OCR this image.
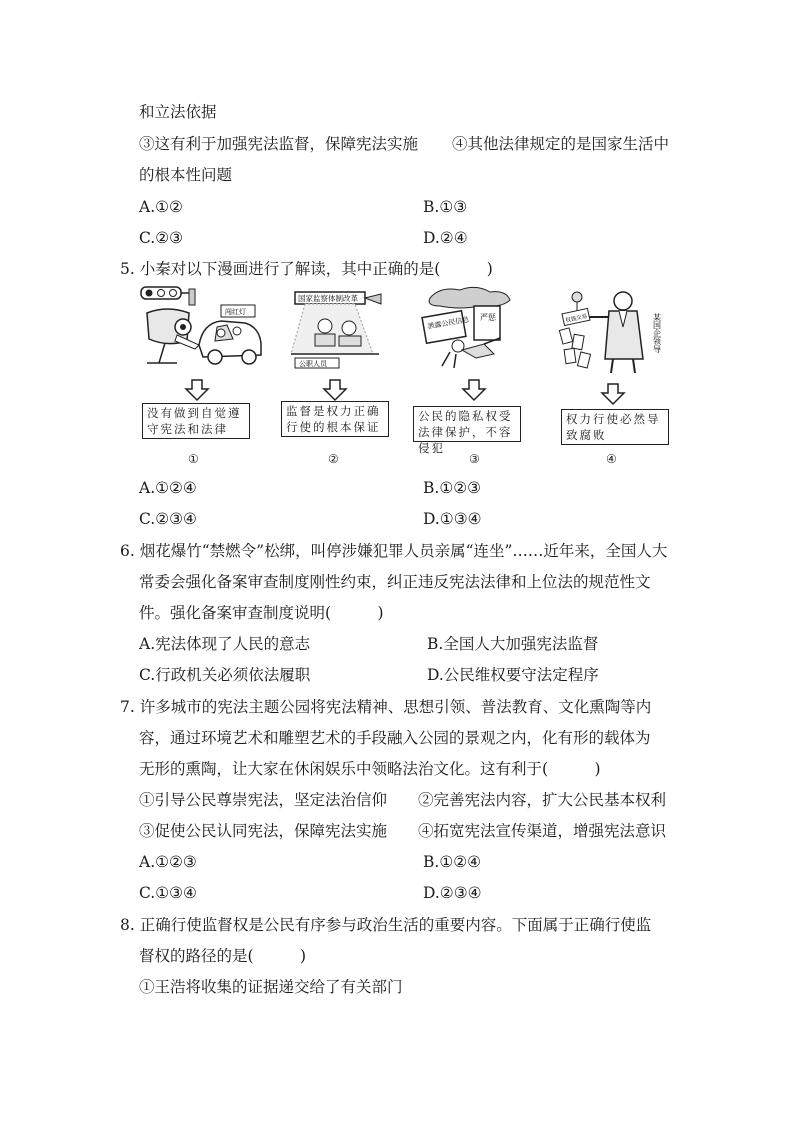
和立法依据
③这有利于加强宪法监督，保障宪法实施 ④其他法律规定的是国家生活中
的根本性问题
A.①②	B.①③
C.②③	D.②④
5. 小秦对以下漫画进行了解读，其中正确的是(　　　)
闯红灯
国家监察体制改革
公职人员
严惩
泄露公民信息	权钱交易	某国企领导
没有做到自觉遵守宪法和法律
监督是权力正确行使的根本保证
公民的隐私权受法律保护，不容侵犯
权力行使必然导致腐败
①	②	③	④
A.①②④	B.①②③
C.②③④	D.①③④
6. 烟花爆竹“禁燃令”松绑，叫停涉嫌犯罪人员亲属“连坐”……近年来，全国人大
常委会强化备案审查制度刚性约束，纠正违反宪法法律和上位法的规范性文
件。强化备案审查制度说明(　　　)
A.宪法体现了人民的意志	B.全国人大加强宪法监督
C.行政机关必须依法履职	D.公民维权要守法定程序
7. 许多城市的宪法主题公园将宪法精神、思想引领、普法教育、文化熏陶等内
容，通过环境艺术和雕塑艺术的手段融入公园的景观之内，化有形的载体为
无形的熏陶，让大家在休闲娱乐中领略法治文化。这有利于(　　　)
①引导公民尊崇宪法，坚定法治信仰 ②完善宪法内容，扩大公民基本权利
③促使公民认同宪法，保障宪法实施 ④拓宽宪法宣传渠道，增强宪法意识
A.①②③	B.①②④
C.①③④	D.②③④
8. 正确行使监督权是公民有序参与政治生活的重要内容。下面属于正确行使监
督权的路径的是(　　　)
①王浩将收集的证据递交给了有关部门
